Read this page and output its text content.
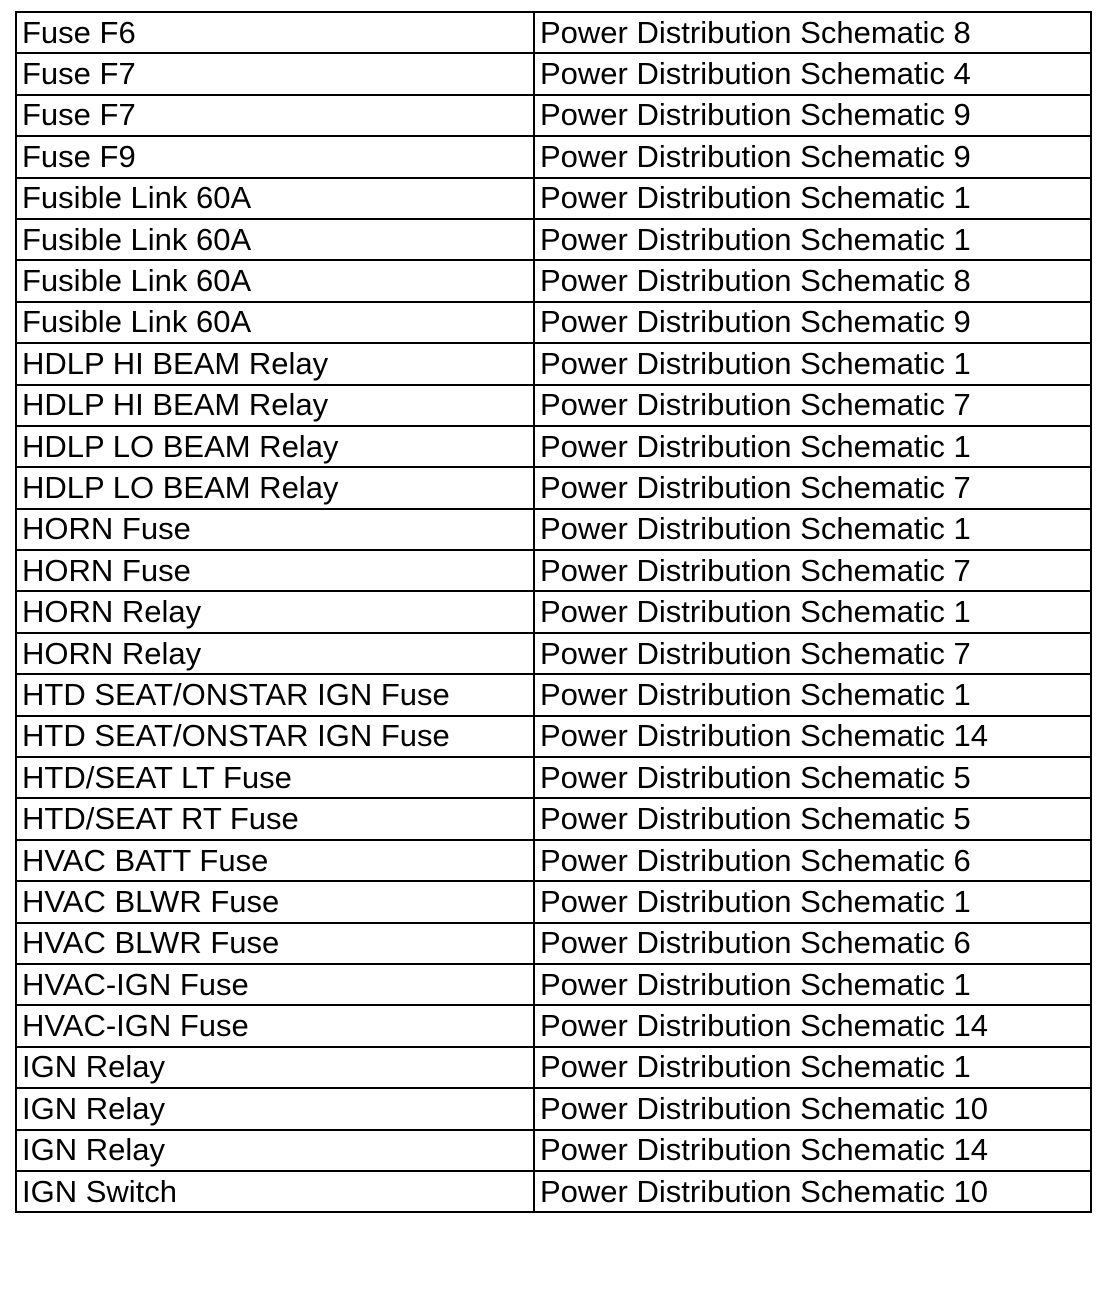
Fuse F6	Power Distribution Schematic 8
Fuse F7	Power Distribution Schematic 4
Fuse F7	Power Distribution Schematic 9
Fuse F9	Power Distribution Schematic 9
Fusible Link 60A	Power Distribution Schematic 1
Fusible Link 60A	Power Distribution Schematic 1
Fusible Link 60A	Power Distribution Schematic 8
Fusible Link 60A	Power Distribution Schematic 9
HDLP HI BEAM Relay	Power Distribution Schematic 1
HDLP HI BEAM Relay	Power Distribution Schematic 7
HDLP LO BEAM Relay	Power Distribution Schematic 1
HDLP LO BEAM Relay	Power Distribution Schematic 7
HORN Fuse	Power Distribution Schematic 1
HORN Fuse	Power Distribution Schematic 7
HORN Relay	Power Distribution Schematic 1
HORN Relay	Power Distribution Schematic 7
HTD SEAT/ONSTAR IGN Fuse	Power Distribution Schematic 1
HTD SEAT/ONSTAR IGN Fuse	Power Distribution Schematic 14
HTD/SEAT LT Fuse	Power Distribution Schematic 5
HTD/SEAT RT Fuse	Power Distribution Schematic 5
HVAC BATT Fuse	Power Distribution Schematic 6
HVAC BLWR Fuse	Power Distribution Schematic 1
HVAC BLWR Fuse	Power Distribution Schematic 6
HVAC-IGN Fuse	Power Distribution Schematic 1
HVAC-IGN Fuse	Power Distribution Schematic 14
IGN Relay	Power Distribution Schematic 1
IGN Relay	Power Distribution Schematic 10
IGN Relay	Power Distribution Schematic 14
IGN Switch	Power Distribution Schematic 10
